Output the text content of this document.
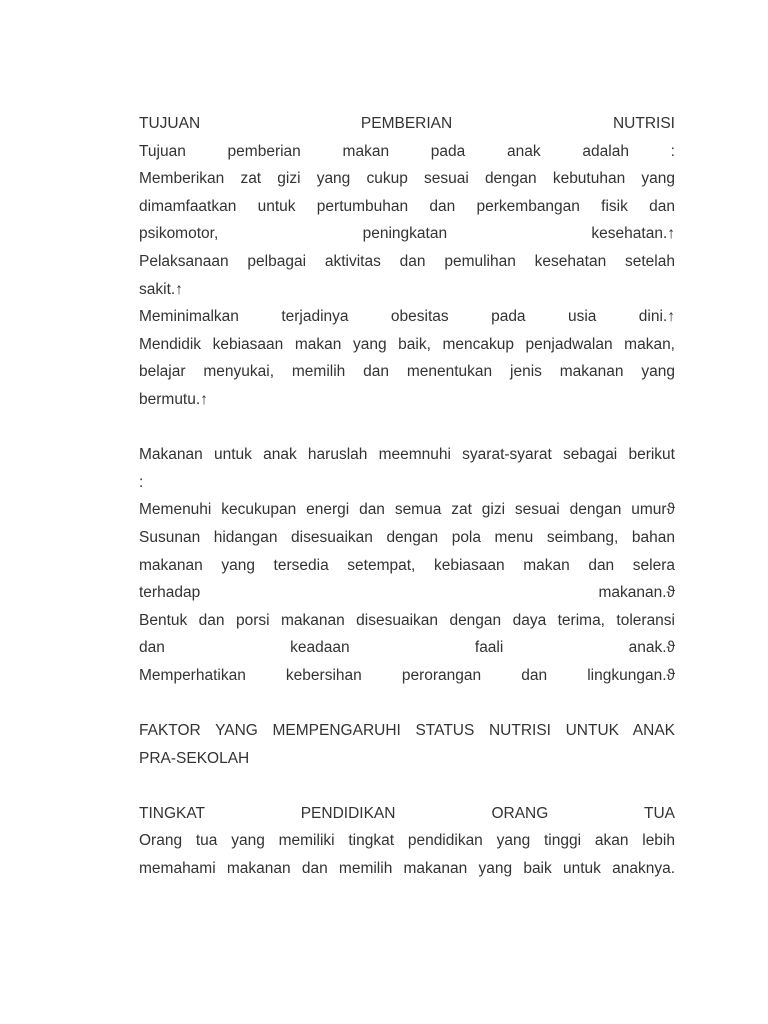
TUJUAN PEMBERIAN NUTRISI
Tujuan pemberian makan pada anak adalah :
Memberikan zat gizi yang cukup sesuai dengan kebutuhan yang
dimamfaatkan untuk pertumbuhan dan perkembangan fisik dan
psikomotor, peningkatan kesehatan.↑
Pelaksanaan pelbagai aktivitas dan pemulihan kesehatan setelah
sakit.↑
Meminimalkan terjadinya obesitas pada usia dini.↑
Mendidik kebiasaan makan yang baik, mencakup penjadwalan makan,
belajar menyukai, memilih dan menentukan jenis makanan yang
bermutu.↑
Makanan untuk anak haruslah meemnuhi syarat-syarat sebagai berikut
:
Memenuhi kecukupan energi dan semua zat gizi sesuai dengan umurϑ
Susunan hidangan disesuaikan dengan pola menu seimbang, bahan
makanan yang tersedia setempat, kebiasaan makan dan selera
terhadap makanan.ϑ
Bentuk dan porsi makanan disesuaikan dengan daya terima, toleransi
dan keadaan faali anak.ϑ
Memperhatikan kebersihan perorangan dan lingkungan.ϑ
FAKTOR YANG MEMPENGARUHI STATUS NUTRISI UNTUK ANAK
PRA-SEKOLAH
TINGKAT PENDIDIKAN ORANG TUA
Orang tua yang memiliki tingkat pendidikan yang tinggi akan lebih
memahami makanan dan memilih makanan yang baik untuk anaknya.
